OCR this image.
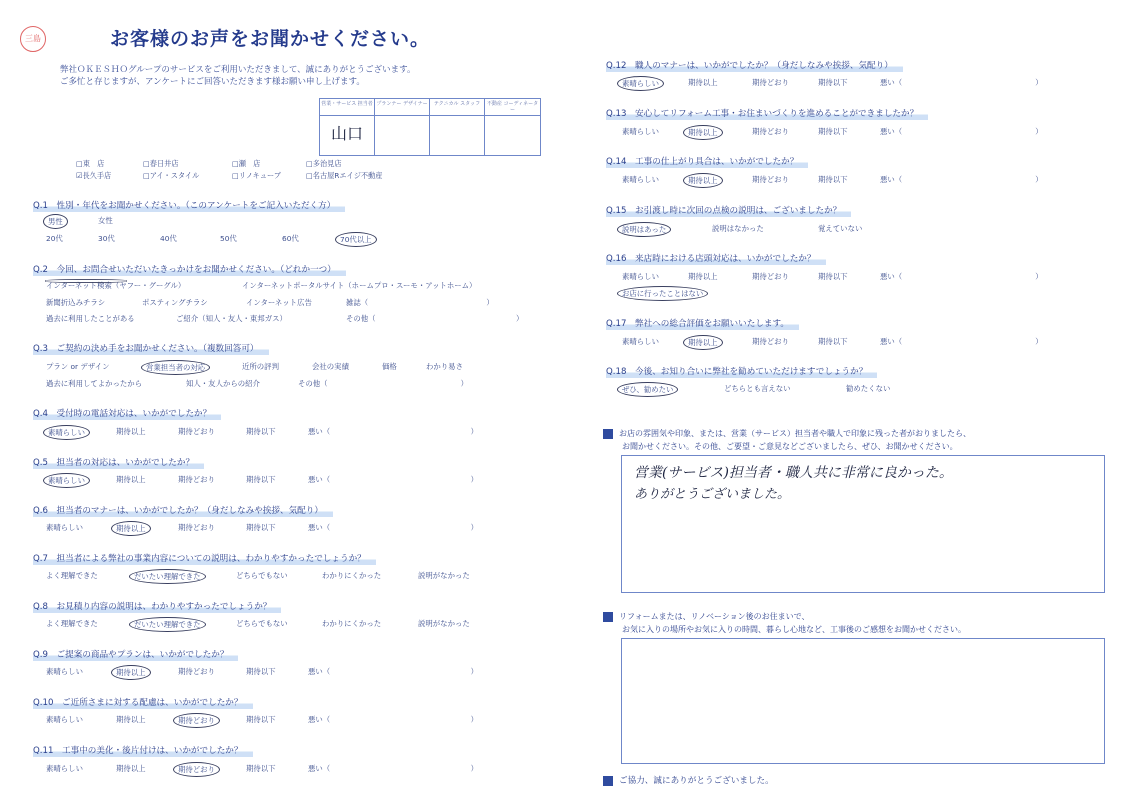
三島	お客様のお声をお聞かせください。
弊社ＯＫＥＳＨＯグループのサービスをご利用いただきまして、誠にありがとうございます。
ご多忙と存じますが、アンケートにご回答いただきます様お願い申し上げます。
営業・サービス 担当者 プランナー デザイナー	テクニカル スタッフ	不動産 コーディネーター
山口
□東　店	□春日井店	□瀬　店	□多治見店
☑長久手店	□アイ・スタイル	□リノキューブ	□名古屋Rエイジ不動産
Q.1　性別・年代をお聞かせください。（このアンケートをご記入いただく方）
男性	女性
20代	30代	40代	50代	60代	70代以上
Q.2　今回、お問合せいただいたきっかけをお聞かせください。（どれか一つ）
インターネット検索（ヤフー・グーグル）	インターネットポータルサイト（ホームプロ・スーモ・アットホーム）
新聞折込みチラシ	ポスティングチラシ	インターネット広告	雑誌（　　　　　　　　　　　　　　　　）
過去に利用したことがある	ご紹介（知人・友人・東邦ガス）	その他（　　　　　　　　　　　　　　　　　　　）
Q.3　ご契約の決め手をお聞かせください。（複数回答可）
プラン or デザイン	営業担当者の対応	近所の評判	会社の実績	価格	わかり易さ
過去に利用してよかったから	知人・友人からの紹介	その他（　　　　　　　　　　　　　　　　　　）
Q.4　受付時の電話対応は、いかがでしたか？
素晴らしい	期待以上	期待どおり	期待以下	悪い（　　　　　　　　　　　　　　　　　　　）
Q.5　担当者の対応は、いかがでしたか？
素晴らしい	期待以上	期待どおり	期待以下	悪い（　　　　　　　　　　　　　　　　　　　）
Q.6　担当者のマナーは、いかがでしたか？（身だしなみや挨拶、気配り）
素晴らしい	期待以上	期待どおり	期待以下	悪い（　　　　　　　　　　　　　　　　　　　）
Q.7　担当者による弊社の事業内容についての説明は、わかりやすかったでしょうか？
よく理解できた	だいたい理解できた	どちらでもない	わかりにくかった	説明がなかった
Q.8　お見積り内容の説明は、わかりやすかったでしょうか？
よく理解できた	だいたい理解できた	どちらでもない	わかりにくかった	説明がなかった
Q.9　ご提案の商品やプランは、いかがでしたか？
素晴らしい	期待以上	期待どおり	期待以下	悪い（　　　　　　　　　　　　　　　　　　　）
Q.10　ご近所さまに対する配慮は、いかがでしたか？
素晴らしい	期待以上	期待どおり	期待以下	悪い（　　　　　　　　　　　　　　　　　　　）
Q.11　工事中の美化・後片付けは、いかがでしたか？
素晴らしい	期待以上	期待どおり	期待以下	悪い（　　　　　　　　　　　　　　　　　　　）
Q.12　職人のマナーは、いかがでしたか？（身だしなみや挨拶、気配り）
素晴らしい	期待以上	期待どおり	期待以下	悪い（　　　　　　　　　　　　　　　　　　）
Q.13　安心してリフォーム工事・お住まいづくりを進めることができましたか？
素晴らしい	期待以上	期待どおり	期待以下	悪い（　　　　　　　　　　　　　　　　　　）
Q.14　工事の仕上がり具合は、いかがでしたか？
素晴らしい	期待以上	期待どおり	期待以下	悪い（　　　　　　　　　　　　　　　　　　）
Q.15　お引渡し時に次回の点検の説明は、ございましたか？
説明はあった	説明はなかった	覚えていない
Q.16　来店時における店頭対応は、いかがでしたか？
素晴らしい	期待以上	期待どおり	期待以下	悪い（　　　　　　　　　　　　　　　　　　）
お店に行ったことはない
Q.17　弊社への総合評価をお願いいたします。
素晴らしい	期待以上	期待どおり	期待以下	悪い（　　　　　　　　　　　　　　　　　　）
Q.18　今後、お知り合いに弊社を勧めていただけますでしょうか？
ぜひ、勧めたい	どちらとも言えない	勧めたくない
お店の雰囲気や印象、または、営業（サービス）担当者や職人で印象に残った者がおりましたら、
お聞かせください。その他、ご要望・ご意見などございましたら、ぜひ、お聞かせください。
営業(サービス)担当者・職人共に非常に良かった。
ありがとうございました。
リフォームまたは、リノベーション後のお住まいで、
お気に入りの場所やお気に入りの時間、暮らし心地など、工事後のご感想をお聞かせください。
ご協力、誠にありがとうございました。
